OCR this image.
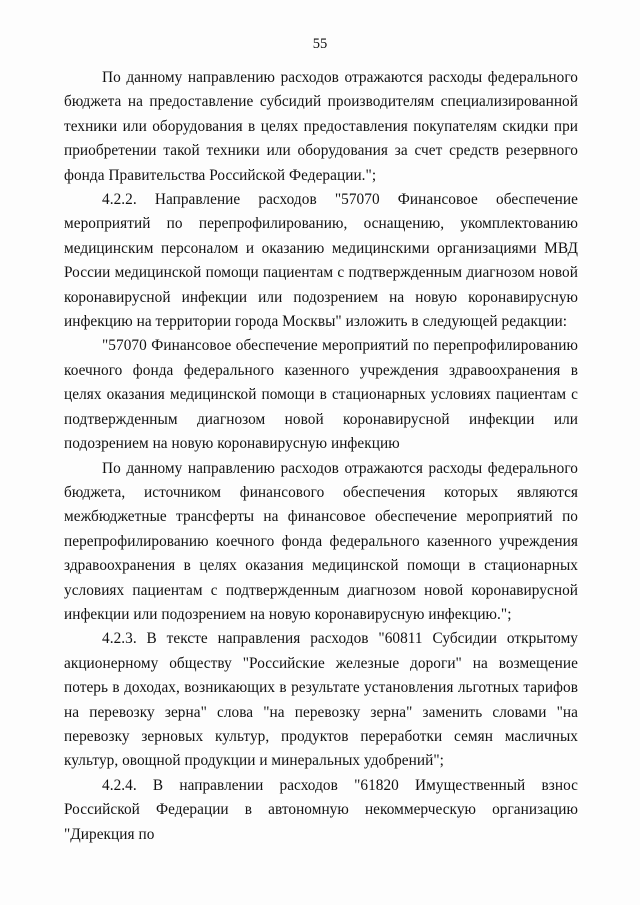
55

По данному направлению расходов отражаются расходы федерального бюджета на предоставление субсидий производителям специализированной техники или оборудования в целях предоставления покупателям скидки при приобретении такой техники или оборудования за счет средств резервного фонда Правительства Российской Федерации.";

4.2.2. Направление расходов "57070 Финансовое обеспечение мероприятий по перепрофилированию, оснащению, укомплектованию медицинским персоналом и оказанию медицинскими организациями МВД России медицинской помощи пациентам с подтвержденным диагнозом новой коронавирусной инфекции или подозрением на новую коронавирусную инфекцию на территории города Москвы" изложить в следующей редакции:

"57070 Финансовое обеспечение мероприятий по перепрофилированию коечного фонда федерального казенного учреждения здравоохранения в целях оказания медицинской помощи в стационарных условиях пациентам с подтвержденным диагнозом новой коронавирусной инфекции или подозрением на новую коронавирусную инфекцию

По данному направлению расходов отражаются расходы федерального бюджета, источником финансового обеспечения которых являются межбюджетные трансферты на финансовое обеспечение мероприятий по перепрофилированию коечного фонда федерального казенного учреждения здравоохранения в целях оказания медицинской помощи в стационарных условиях пациентам с подтвержденным диагнозом новой коронавирусной инфекции или подозрением на новую коронавирусную инфекцию.";

4.2.3. В тексте направления расходов "60811 Субсидии открытому акционерному обществу "Российские железные дороги" на возмещение потерь в доходах, возникающих в результате установления льготных тарифов на перевозку зерна" слова "на перевозку зерна" заменить словами "на перевозку зерновых культур, продуктов переработки семян масличных культур, овощной продукции и минеральных удобрений";

4.2.4. В направлении расходов "61820 Имущественный взнос Российской Федерации в автономную некоммерческую организацию "Дирекция по
